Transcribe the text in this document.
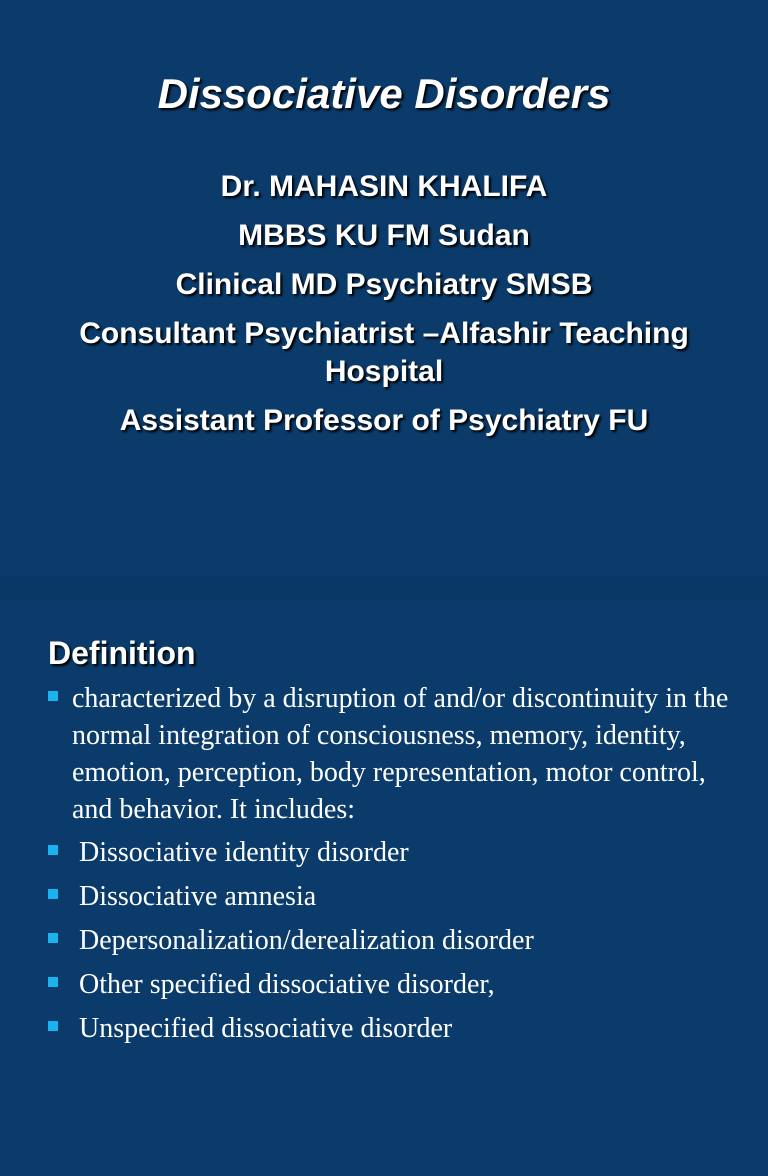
Dissociative Disorders

Dr. MAHASIN KHALIFA

MBBS KU FM Sudan

Clinical MD Psychiatry SMSB

Consultant Psychiatrist –Alfashir Teaching Hospital

Assistant Professor of Psychiatry FU

Definition
characterized by a disruption of and/or discontinuity in the normal integration of consciousness, memory, identity, emotion, perception, body representation, motor control, and behavior. It includes:
Dissociative identity disorder
Dissociative amnesia
Depersonalization/derealization disorder
Other specified dissociative disorder,
Unspecified dissociative disorder
